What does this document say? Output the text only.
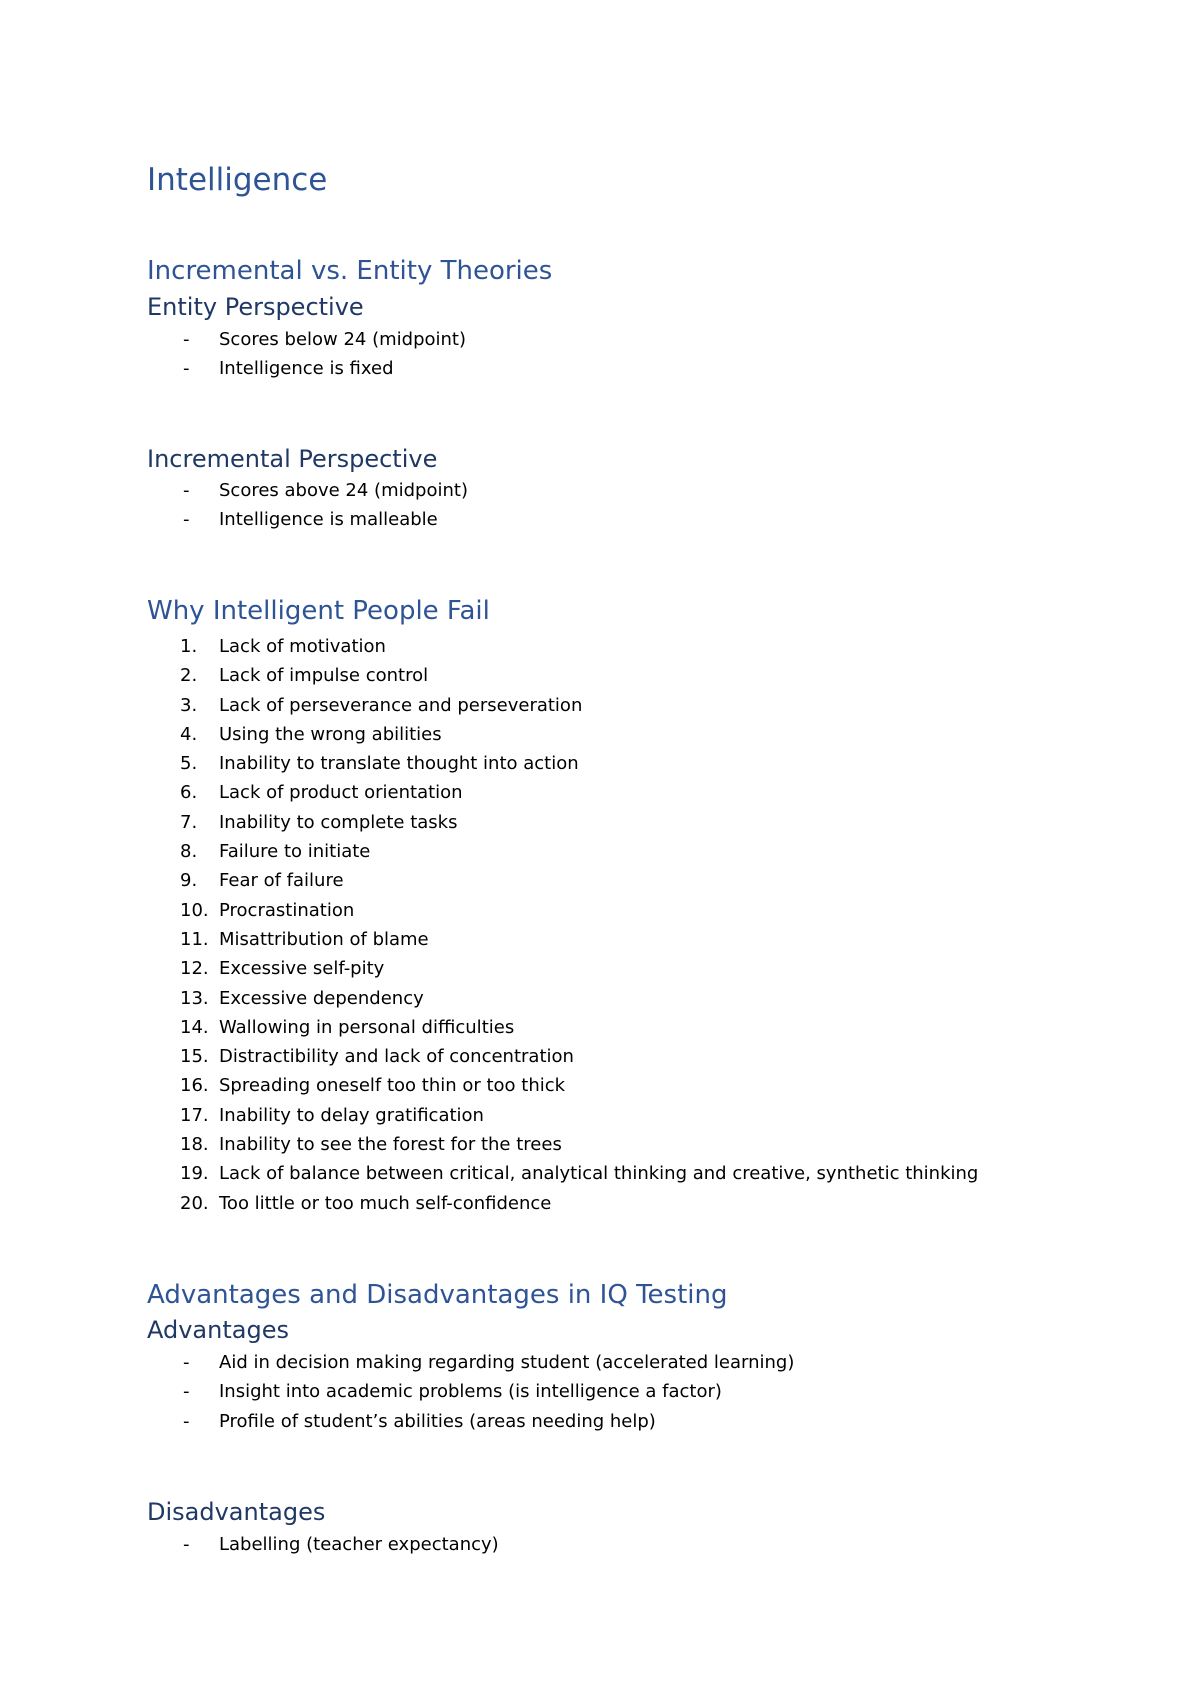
Intelligence
Incremental vs. Entity Theories
Entity Perspective
-	Scores below 24 (midpoint)
-	Intelligence is fixed
Incremental Perspective
-	Scores above 24 (midpoint)
-	Intelligence is malleable
Why Intelligent People Fail
1.	Lack of motivation
2.	Lack of impulse control
3.	Lack of perseverance and perseveration
4.	Using the wrong abilities
5.	Inability to translate thought into action
6.	Lack of product orientation
7.	Inability to complete tasks
8.	Failure to initiate
9.	Fear of failure
10. Procrastination
11. Misattribution of blame
12. Excessive self-pity
13. Excessive dependency
14. Wallowing in personal difficulties
15. Distractibility and lack of concentration
16. Spreading oneself too thin or too thick
17. Inability to delay gratification
18. Inability to see the forest for the trees
19. Lack of balance between critical, analytical thinking and creative, synthetic thinking
20. Too little or too much self-confidence
Advantages and Disadvantages in IQ Testing
Advantages
-	Aid in decision making regarding student (accelerated learning)
-	Insight into academic problems (is intelligence a factor)
-	Profile of student’s abilities (areas needing help)
Disadvantages
-	Labelling (teacher expectancy)
